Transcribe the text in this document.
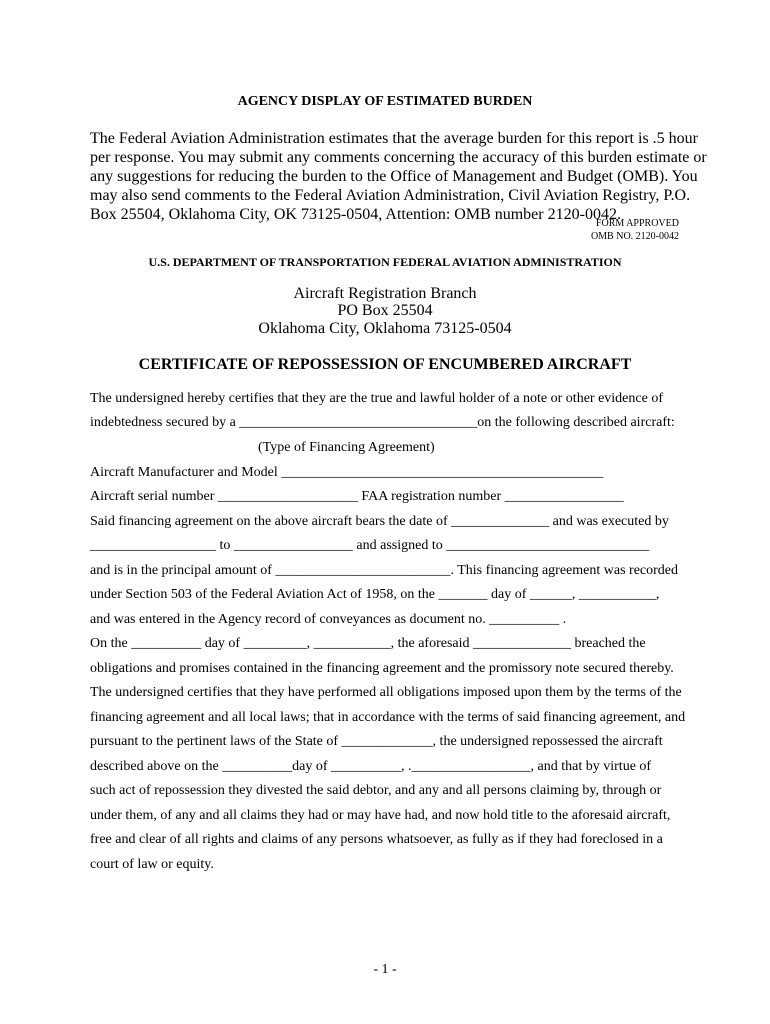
AGENCY DISPLAY OF ESTIMATED BURDEN
The Federal Aviation Administration estimates that the average burden for this report is .5 hour
per response. You may submit any comments concerning the accuracy of this burden estimate or
any suggestions for reducing the burden to the Office of Management and Budget (OMB). You
may also send comments to the Federal Aviation Administration, Civil Aviation Registry, P.O.
Box 25504, Oklahoma City, OK 73125-0504, Attention: OMB number 2120-0042.
FORM APPROVED
OMB NO. 2120-0042
U.S. DEPARTMENT OF TRANSPORTATION FEDERAL AVIATION ADMINISTRATION
Aircraft Registration Branch
PO Box 25504
Oklahoma City, Oklahoma 73125-0504
CERTIFICATE OF REPOSSESSION OF ENCUMBERED AIRCRAFT
The undersigned hereby certifies that they are the true and lawful holder of a note or other evidence of
indebtedness secured by a __________________________________on the following described aircraft:
(Type of Financing Agreement)
Aircraft Manufacturer and Model ______________________________________________
Aircraft serial number ____________________ FAA registration number _________________
Said financing agreement on the above aircraft bears the date of ______________ and was executed by
__________________ to _________________ and assigned to _____________________________
and is in the principal amount of _________________________. This financing agreement was recorded
under Section 503 of the Federal Aviation Act of 1958, on the _______ day of ______, ___________,
and was entered in the Agency record of conveyances as document no. __________ .
On the __________ day of _________, ___________, the aforesaid ______________ breached the
obligations and promises contained in the financing agreement and the promissory note secured thereby.
The undersigned certifies that they have performed all obligations imposed upon them by the terms of the
financing agreement and all local laws; that in accordance with the terms of said financing agreement, and
pursuant to the pertinent laws of the State of _____________, the undersigned repossessed the aircraft
described above on the __________day of __________, ._________________, and that by virtue of
such act of repossession they divested the said debtor, and any and all persons claiming by, through or
under them, of any and all claims they had or may have had, and now hold title to the aforesaid aircraft,
free and clear of all rights and claims of any persons whatsoever, as fully as if they had foreclosed in a
court of law or equity.
- 1 -
